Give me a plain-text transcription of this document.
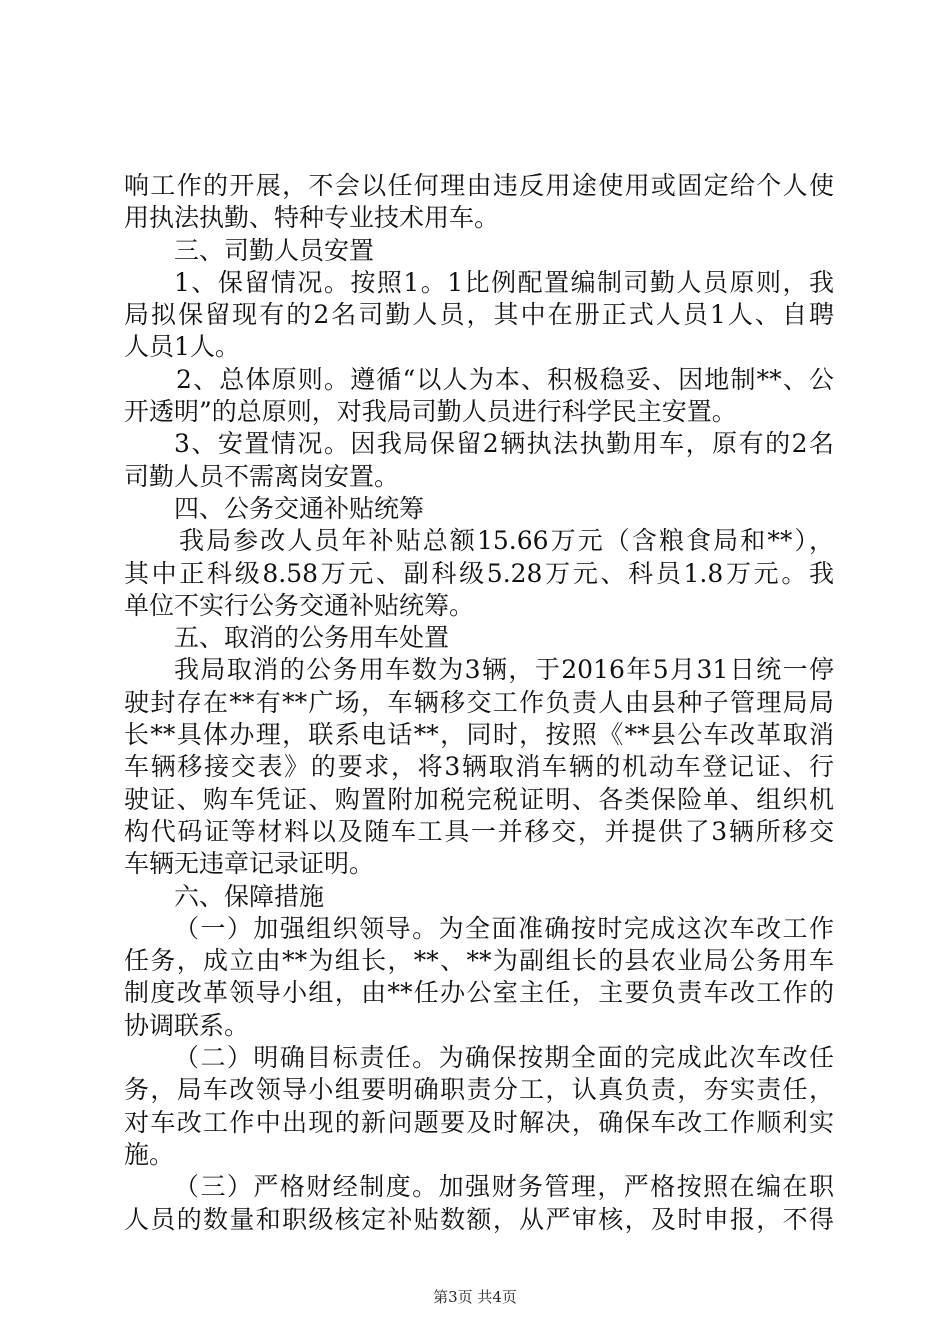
响工作的开展，不会以任何理由违反用途使用或固定给个人使
用执法执勤、特种专业技术用车。
三、司勤人员安置
1、保留情况。按照1。1比例配置编制司勤人员原则，我
局拟保留现有的2名司勤人员，其中在册正式人员1人、自聘
人员1人。
2、总体原则。遵循“以人为本、积极稳妥、因地制**、公
开透明”的总原则，对我局司勤人员进行科学民主安置。
3、安置情况。因我局保留2辆执法执勤用车，原有的2名
司勤人员不需离岗安置。
四、公务交通补贴统筹
我局参改人员年补贴总额15.66万元（含粮食局和**），
其中正科级8.58万元、副科级5.28万元、科员1.8万元。我
单位不实行公务交通补贴统筹。
五、取消的公务用车处置
我局取消的公务用车数为3辆，于2016年5月31日统一停
驶封存在**有**广场，车辆移交工作负责人由县种子管理局局
长**具体办理，联系电话**，同时，按照《**县公车改革取消
车辆移接交表》的要求，将3辆取消车辆的机动车登记证、行
驶证、购车凭证、购置附加税完税证明、各类保险单、组织机
构代码证等材料以及随车工具一并移交，并提供了3辆所移交
车辆无违章记录证明。
六、保障措施
（一）加强组织领导。为全面准确按时完成这次车改工作
任务，成立由**为组长，**、**为副组长的县农业局公务用车
制度改革领导小组，由**任办公室主任，主要负责车改工作的
协调联系。
（二）明确目标责任。为确保按期全面的完成此次车改任
务，局车改领导小组要明确职责分工，认真负责，夯实责任，
对车改工作中出现的新问题要及时解决，确保车改工作顺利实
施。
（三）严格财经制度。加强财务管理，严格按照在编在职
人员的数量和职级核定补贴数额，从严审核，及时申报，不得
第3页 共4页
